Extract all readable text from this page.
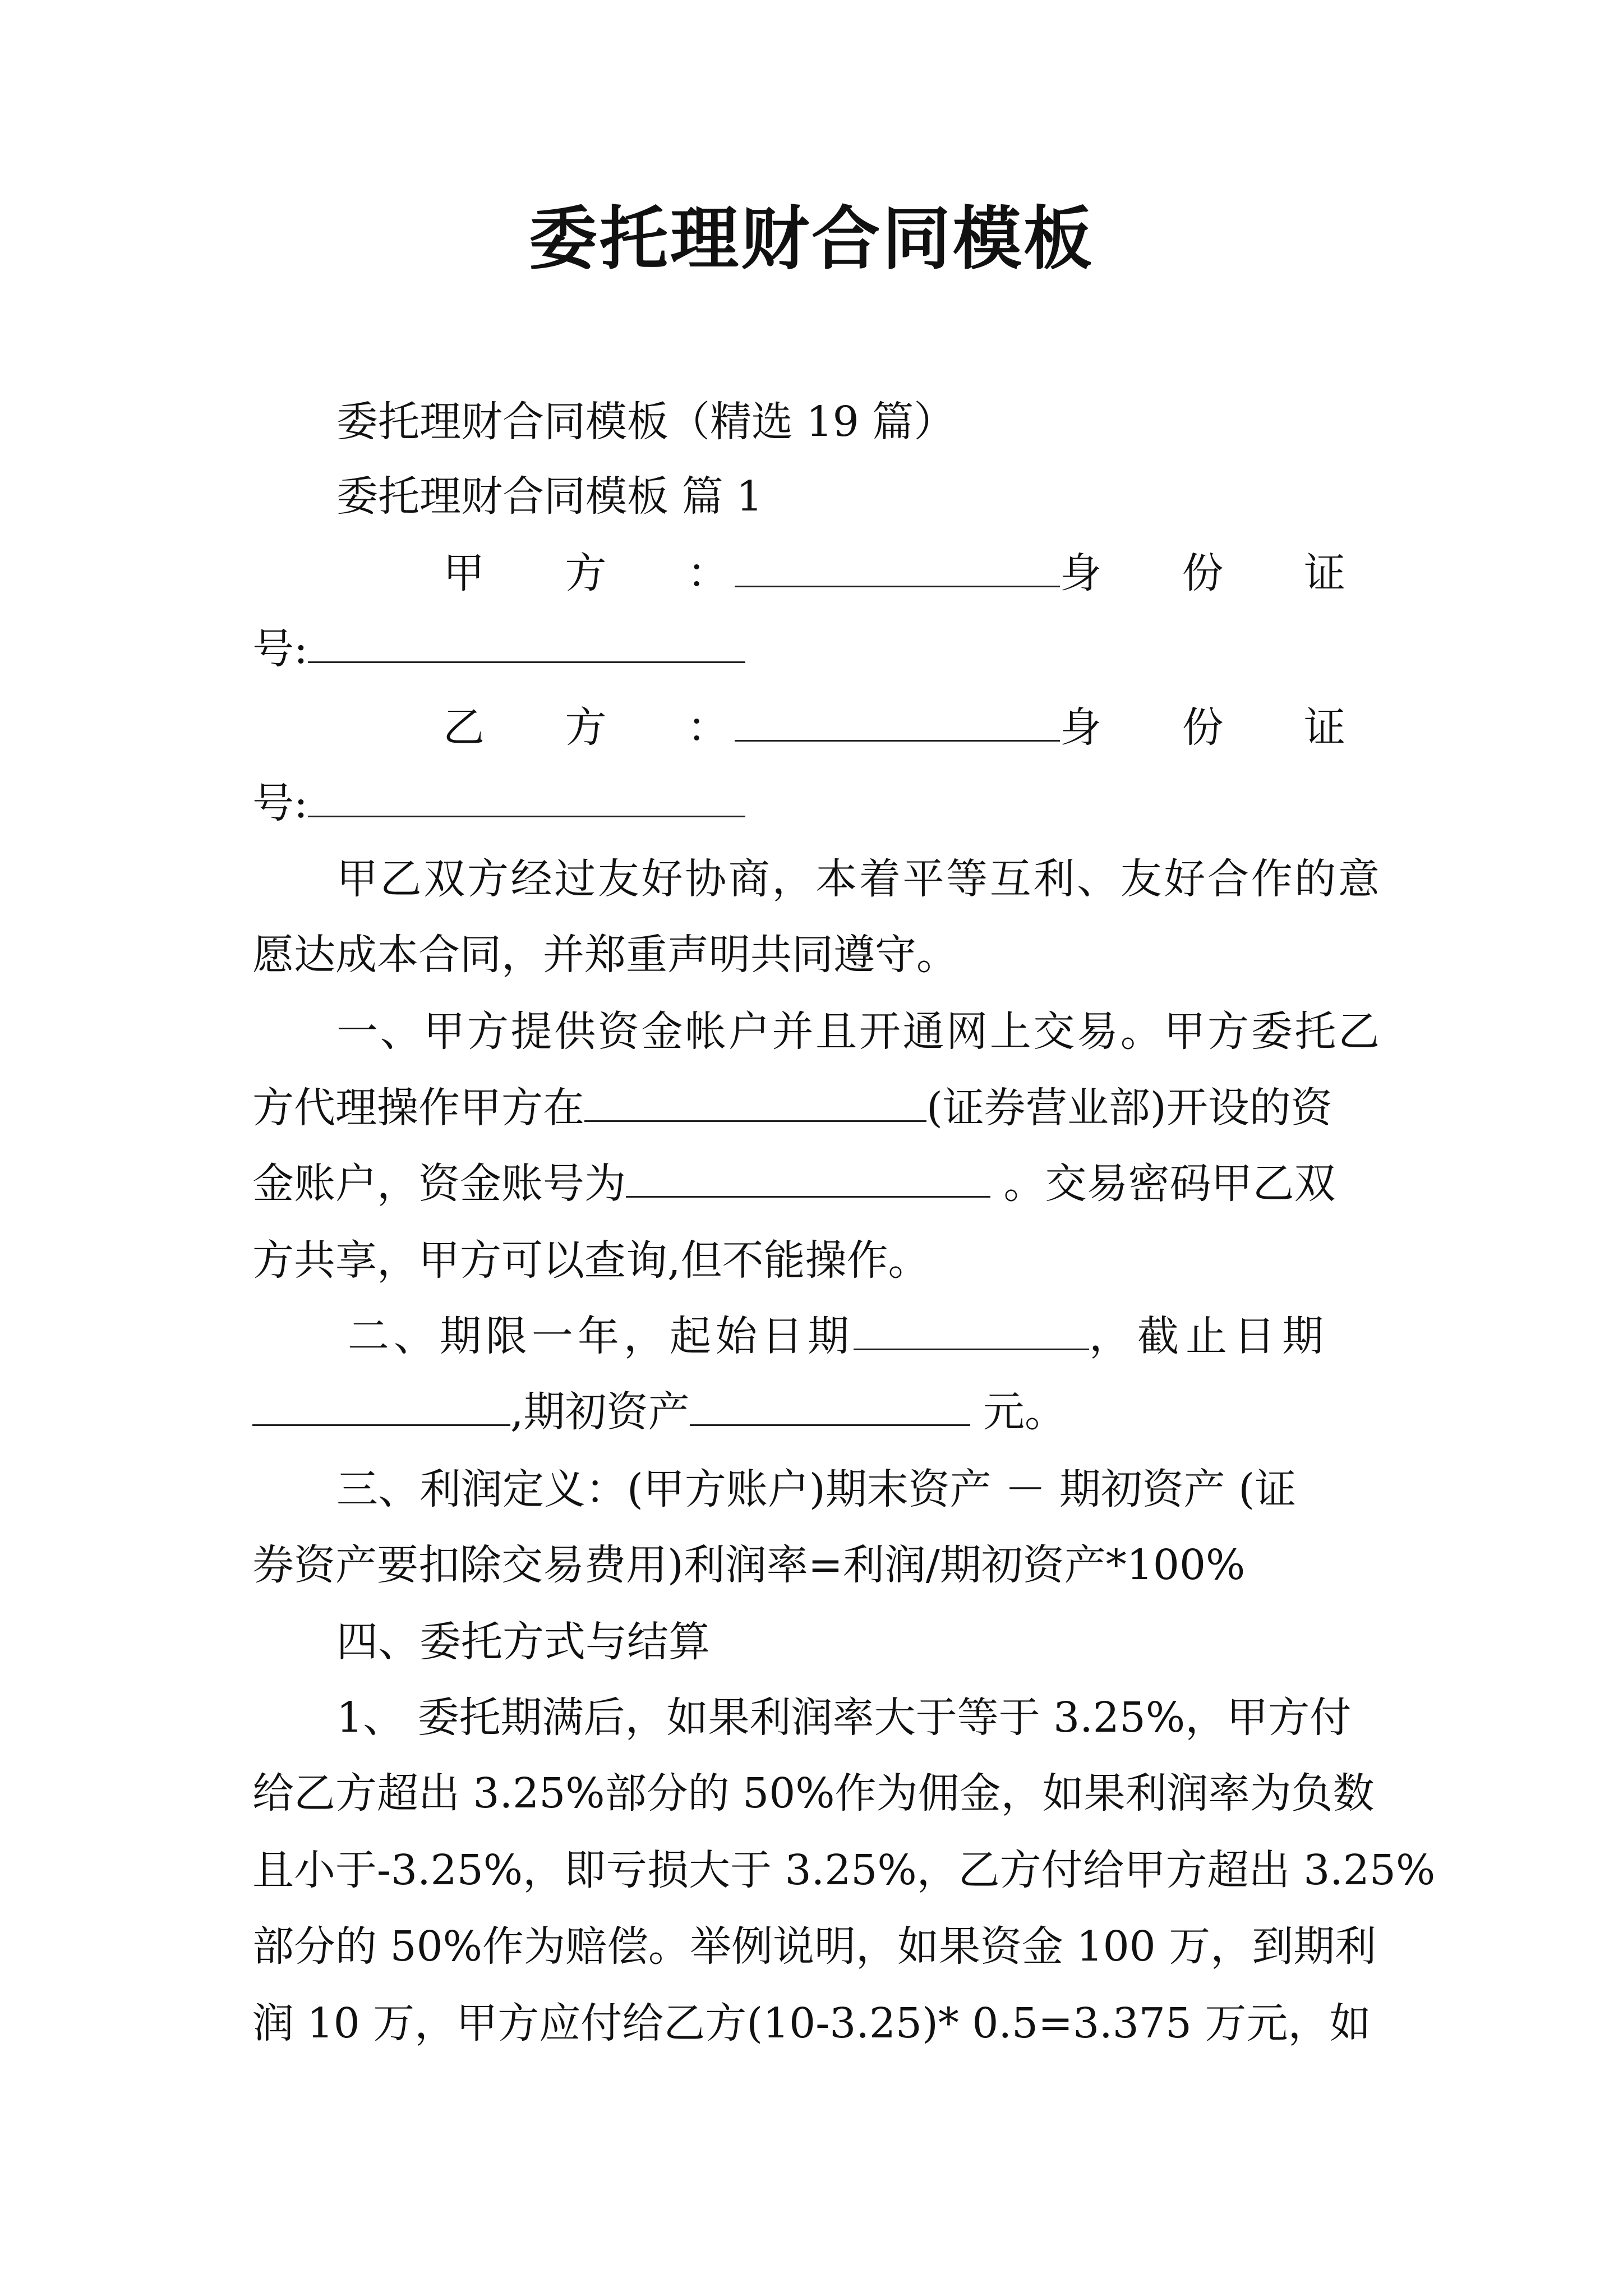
委托理财合同模板
委托理财合同模板（精选 19 篇）
委托理财合同模板 篇 1
甲 方 ：	身 份 证
号:
乙 方 ：	身 份 证
号:
甲乙双方经过友好协商，本着平等互利、友好合作的意
愿达成本合同，并郑重声明共同遵守。
一、甲方提供资金帐户并且开通网上交易。甲方委托乙
方代理操作甲方在	(证券营业部)开设的资
金账户，资金账号为	。交易密码甲乙双
方共享，甲方可以查询,但不能操作。
二、期限一年，起始日期	，截止日期
,期初资产	元。
三、利润定义：(甲方账户)期末资产 － 期初资产 (证
券资产要扣除交易费用)利润率=利润/期初资产*100%
四、委托方式与结算
1、 委托期满后，如果利润率大于等于 3.25%，甲方付
给乙方超出 3.25%部分的 50%作为佣金，如果利润率为负数
且小于-3.25%，即亏损大于 3.25%，乙方付给甲方超出 3.25%
部分的 50%作为赔偿。举例说明，如果资金 100 万，到期利
润 10 万，甲方应付给乙方(10-3.25)* 0.5=3.375 万元，如
